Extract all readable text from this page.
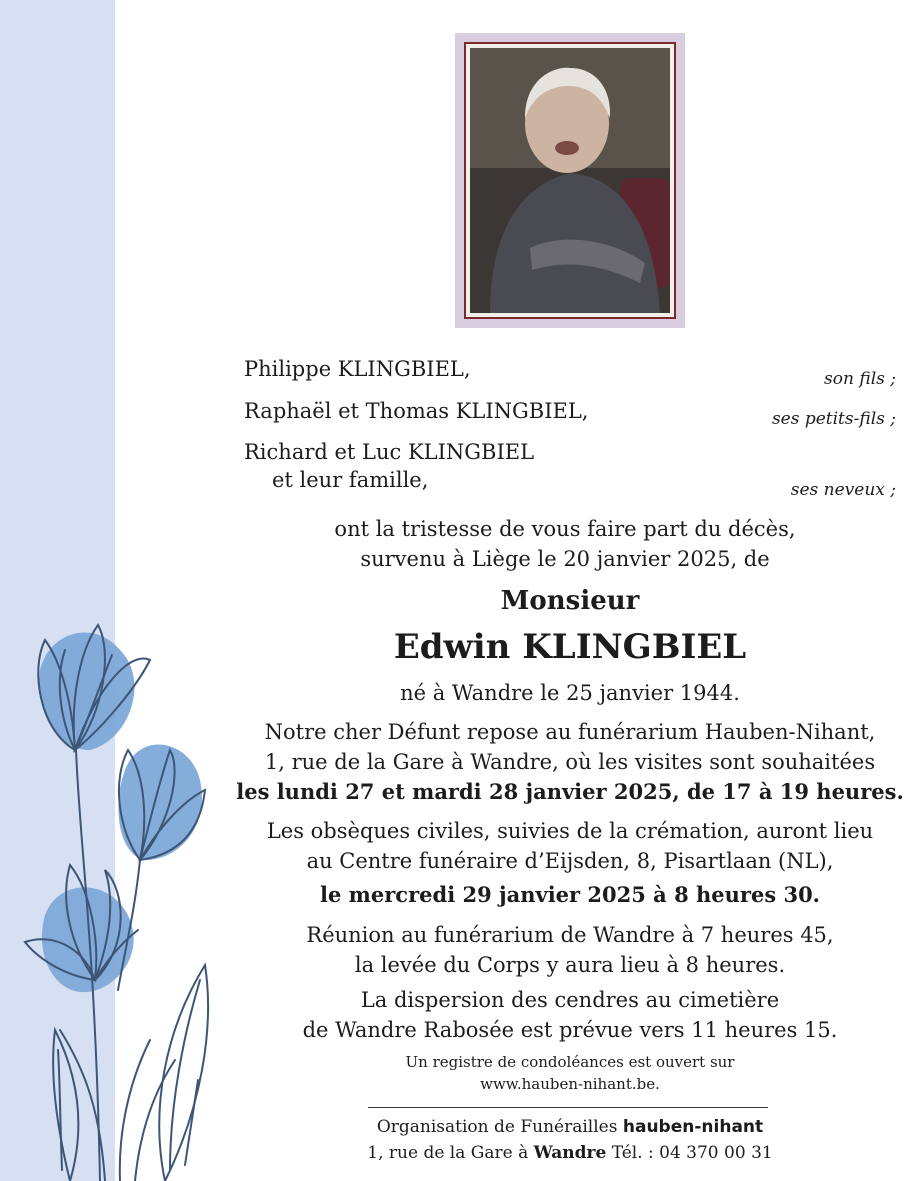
Philippe KLINGBIEL,	son fils ;
Raphaël et Thomas KLINGBIEL,	ses petits-fils ;
Richard et Luc KLINGBIEL
et leur famille,	ses neveux ;
ont la tristesse de vous faire part du décès,
survenu à Liège le 20 janvier 2025, de
Monsieur
Edwin KLINGBIEL
né à Wandre le 25 janvier 1944.
Notre cher Défunt repose au funérarium Hauben-Nihant,
1, rue de la Gare à Wandre, où les visites sont souhaitées
les lundi 27 et mardi 28 janvier 2025, de 17 à 19 heures.
Les obsèques civiles, suivies de la crémation, auront lieu
au Centre funéraire d’Eijsden, 8, Pisartlaan (NL),
le mercredi 29 janvier 2025 à 8 heures 30.
Réunion au funérarium de Wandre à 7 heures 45,
la levée du Corps y aura lieu à 8 heures.
La dispersion des cendres au cimetière
de Wandre Rabosée est prévue vers 11 heures 15.
Un registre de condoléances est ouvert sur
www.hauben-nihant.be.
Organisation de Funérailles hauben-nihant
1, rue de la Gare à Wandre Tél. : 04 370 00 31
